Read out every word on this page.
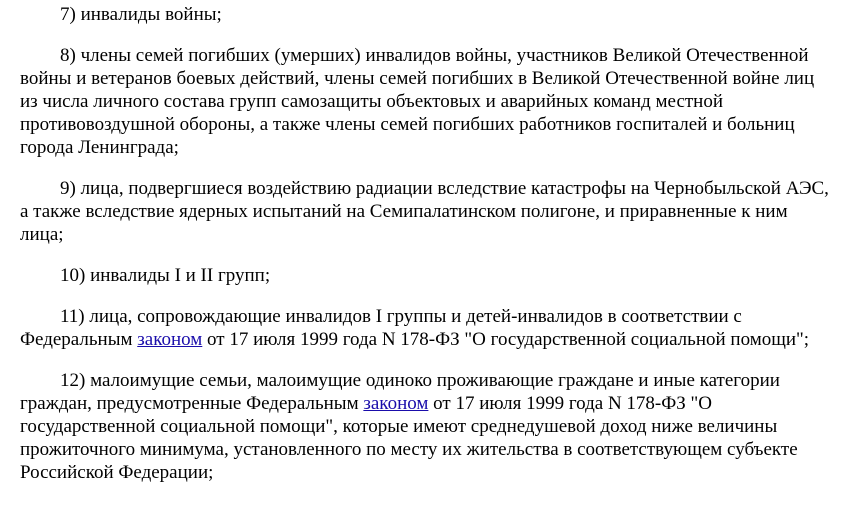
7) инвалиды войны;

8) члены семей погибших (умерших) инвалидов войны, участников Великой Отечественной войны и ветеранов боевых действий, члены семей погибших в Великой Отечественной войне лиц из числа личного состава групп самозащиты объектовых и аварийных команд местной противовоздушной обороны, а также члены семей погибших работников госпиталей и больниц города Ленинграда;

9) лица, подвергшиеся воздействию радиации вследствие катастрофы на Чернобыльской АЭС, а также вследствие ядерных испытаний на Семипалатинском полигоне, и приравненные к ним лица;

10) инвалиды I и II групп;

11) лица, сопровождающие инвалидов I группы и детей-инвалидов в соответствии с Федеральным законом от 17 июля 1999 года N 178-ФЗ "О государственной социальной помощи";

12) малоимущие семьи, малоимущие одиноко проживающие граждане и иные категории граждан, предусмотренные Федеральным законом от 17 июля 1999 года N 178-ФЗ "О государственной социальной помощи", которые имеют среднедушевой доход ниже величины прожиточного минимума, установленного по месту их жительства в соответствующем субъекте Российской Федерации;
